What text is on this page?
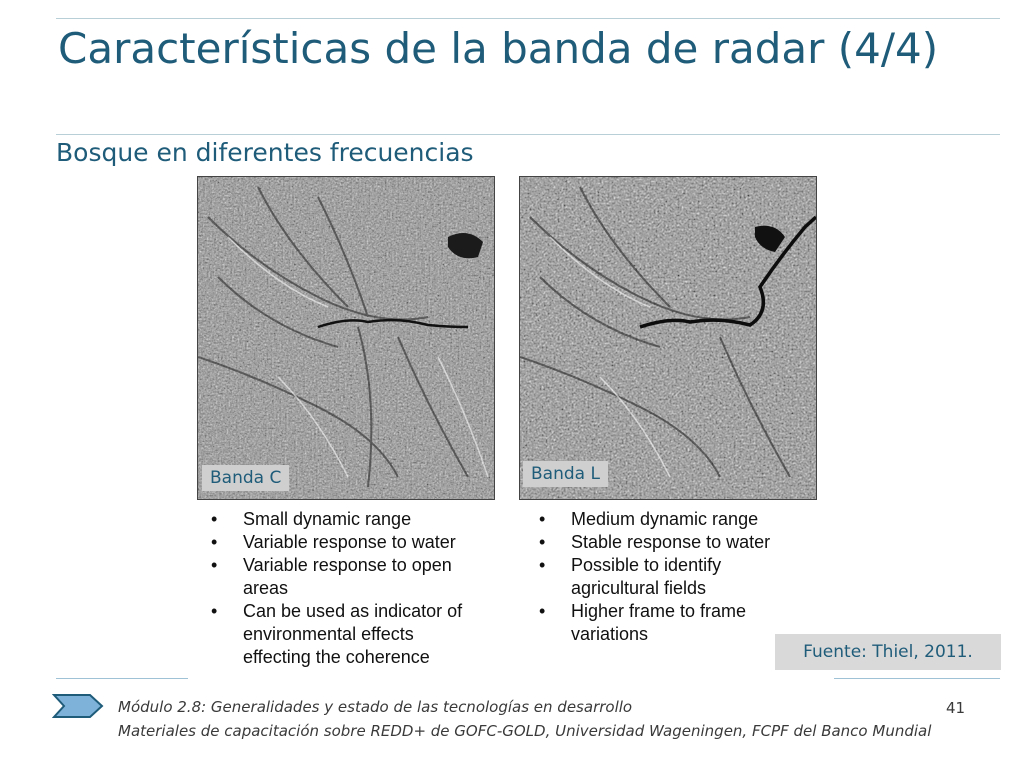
Características de la banda de radar (4/4)
Bosque en diferentes frecuencias
Banda C	Banda L
• Small dynamic range
• Variable response to water
• Variable response to open areas
• Can be used as indicator of environmental effects effecting the coherence
• Medium dynamic range
• Stable response to water
• Possible to identify agricultural fields
• Higher frame to frame variations
Fuente: Thiel, 2011.
Módulo 2.8: Generalidades y estado de las tecnologías en desarrollo
Materiales de capacitación sobre REDD+ de GOFC-GOLD, Universidad Wageningen, FCPF del Banco Mundial
41
